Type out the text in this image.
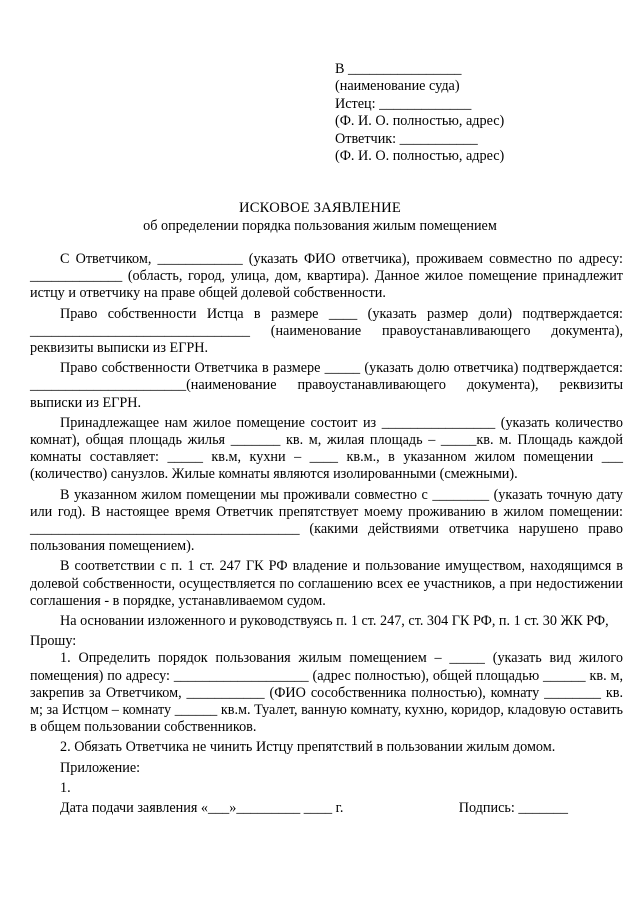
В ________________
(наименование суда)
Истец: _____________
(Ф. И. О. полностью, адрес)
Ответчик: ___________
(Ф. И. О. полностью, адрес)
ИСКОВОЕ ЗАЯВЛЕНИЕ
об определении порядка пользования жилым помещением

С Ответчиком, ____________ (указать ФИО ответчика), проживаем совместно по адресу: _____________ (область, город, улица, дом, квартира). Данное жилое помещение принадлежит истцу и ответчику на праве общей долевой собственности.

Право собственности Истца в размере ____ (указать размер доли) подтверждается: _______________________________ (наименование правоустанавливающего документа), реквизиты выписки из ЕГРН.

Право собственности Ответчика в размере _____ (указать долю ответчика) подтверждается: ______________________(наименование правоустанавливающего документа), реквизиты выписки из ЕГРН.

Принадлежащее нам жилое помещение состоит из ________________ (указать количество комнат), общая площадь жилья _______ кв. м, жилая площадь – _____кв. м. Площадь каждой комнаты составляет: _____ кв.м, кухни – ____ кв.м., в указанном жилом помещении ___ (количество) санузлов. Жилые комнаты являются изолированными (смежными).

В указанном жилом помещении мы проживали совместно с ________ (указать точную дату или год). В настоящее время Ответчик препятствует моему проживанию в жилом помещении: ______________________________________ (какими действиями ответчика нарушено право пользования помещением).

В соответствии с п. 1 ст. 247 ГК РФ владение и пользование имуществом, находящимся в долевой собственности, осуществляется по соглашению всех ее участников, а при недостижении соглашения - в порядке, устанавливаемом судом.

На основании изложенного и руководствуясь п. 1 ст. 247, ст. 304 ГК РФ, п. 1 ст. 30 ЖК РФ,

Прошу:

1. Определить порядок пользования жилым помещением – _____ (указать вид жилого помещения) по адресу: ___________________ (адрес полностью), общей площадью ______ кв. м, закрепив за Ответчиком, ___________ (ФИО сособственника полностью), комнату ________ кв. м; за Истцом – комнату ______ кв.м. Туалет, ванную комнату, кухню, коридор, кладовую оставить в общем пользовании собственников.

2. Обязать Ответчика не чинить Истцу препятствий в пользовании жилым домом.

Приложение:

1.

Дата подачи заявления «___»_________ ____ г.	Подпись: _______
